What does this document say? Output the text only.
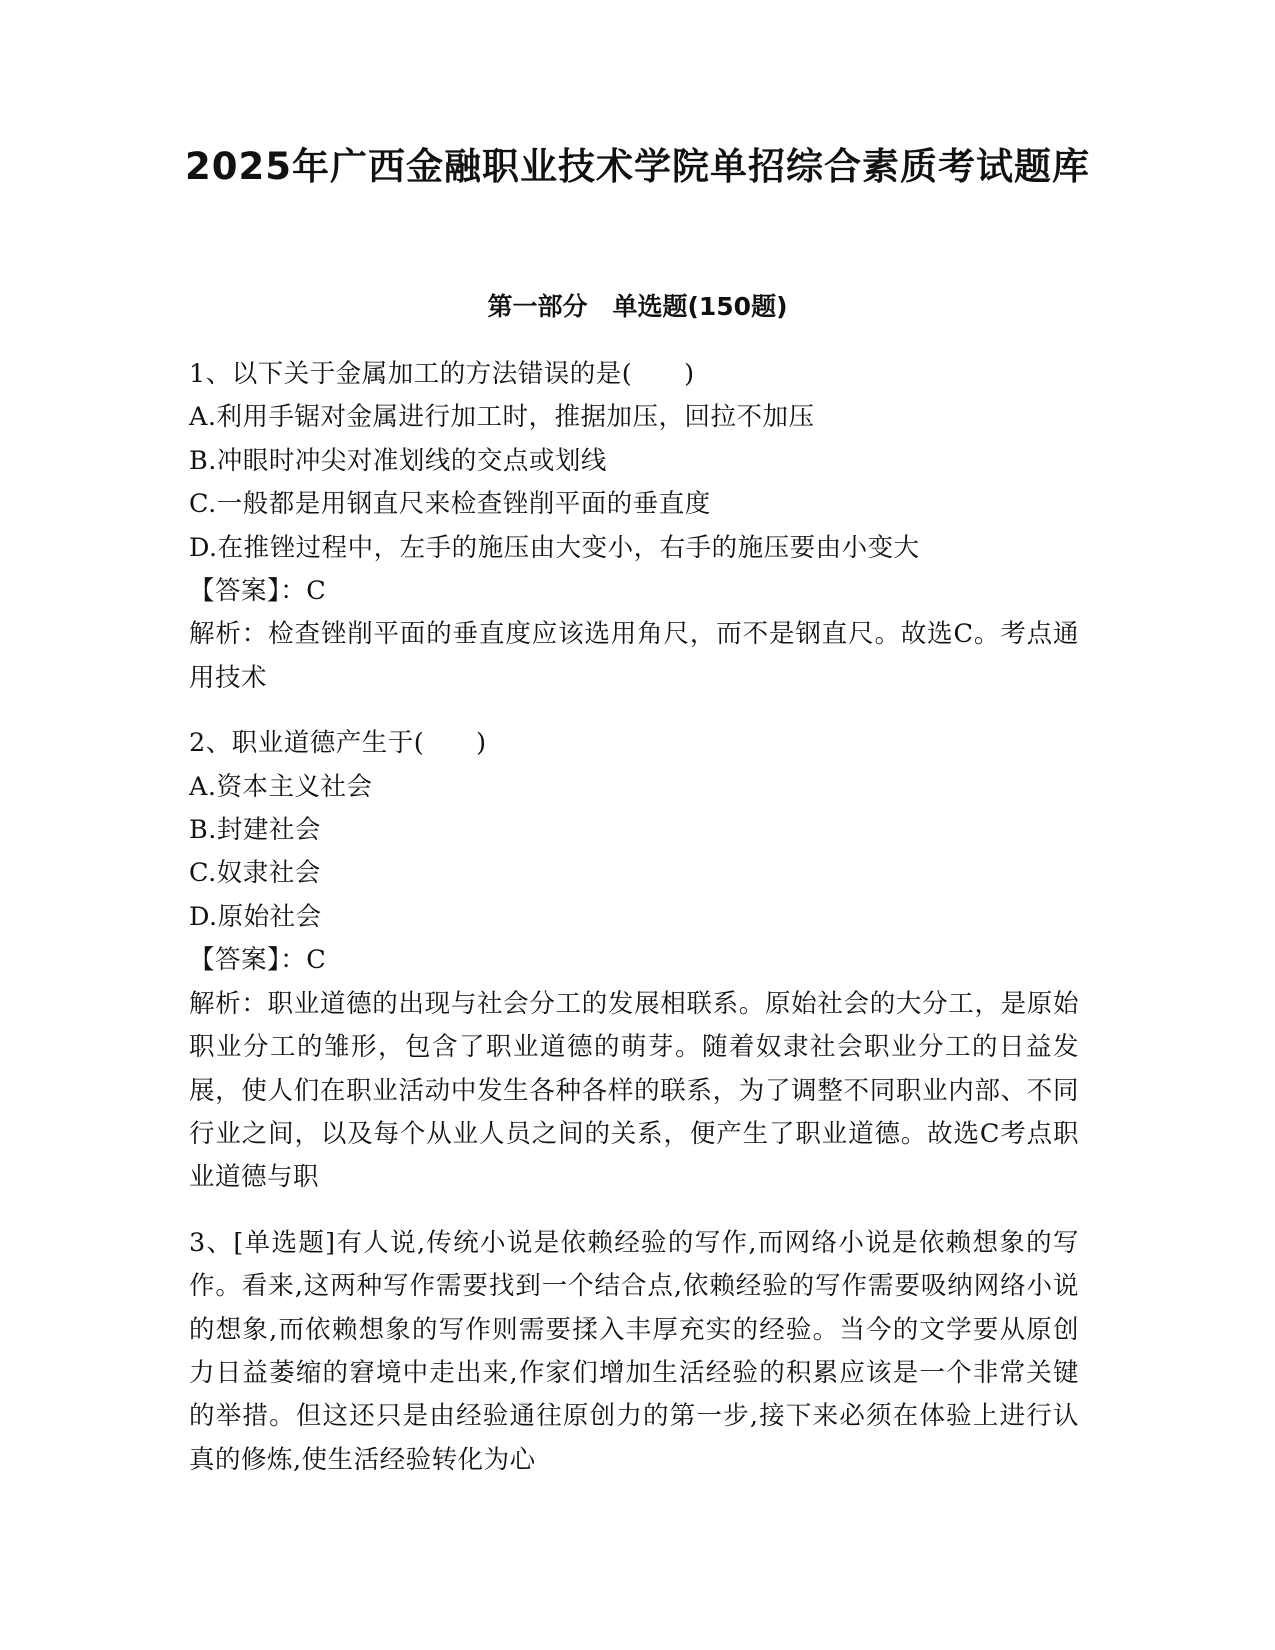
2025年广西金融职业技术学院单招综合素质考试题库
第一部分　单选题(150题)
1、以下关于金属加工的方法错误的是(　　)
A.利用手锯对金属进行加工时，推据加压，回拉不加压
B.冲眼时冲尖对准划线的交点或划线
C.一般都是用钢直尺来检查锉削平面的垂直度
D.在推锉过程中，左手的施压由大变小，右手的施压要由小变大
【答案】：C
解析：检查锉削平面的垂直度应该选用角尺，而不是钢直尺。故选C。考点通用技术
2、职业道德产生于(　　)
A.资本主义社会
B.封建社会
C.奴隶社会
D.原始社会
【答案】：C
解析：职业道德的出现与社会分工的发展相联系。原始社会的大分工，是原始职业分工的雏形，包含了职业道德的萌芽。随着奴隶社会职业分工的日益发展，使人们在职业活动中发生各种各样的联系，为了调整不同职业内部、不同行业之间，以及每个从业人员之间的关系，便产生了职业道德。故选C考点职业道德与职
3、[单选题]有人说,传统小说是依赖经验的写作,而网络小说是依赖想象的写作。看来,这两种写作需要找到一个结合点,依赖经验的写作需要吸纳网络小说的想象,而依赖想象的写作则需要揉入丰厚充实的经验。当今的文学要从原创力日益萎缩的窘境中走出来,作家们增加生活经验的积累应该是一个非常关键的举措。但这还只是由经验通往原创力的第一步,接下来必须在体验上进行认真的修炼,使生活经验转化为心
